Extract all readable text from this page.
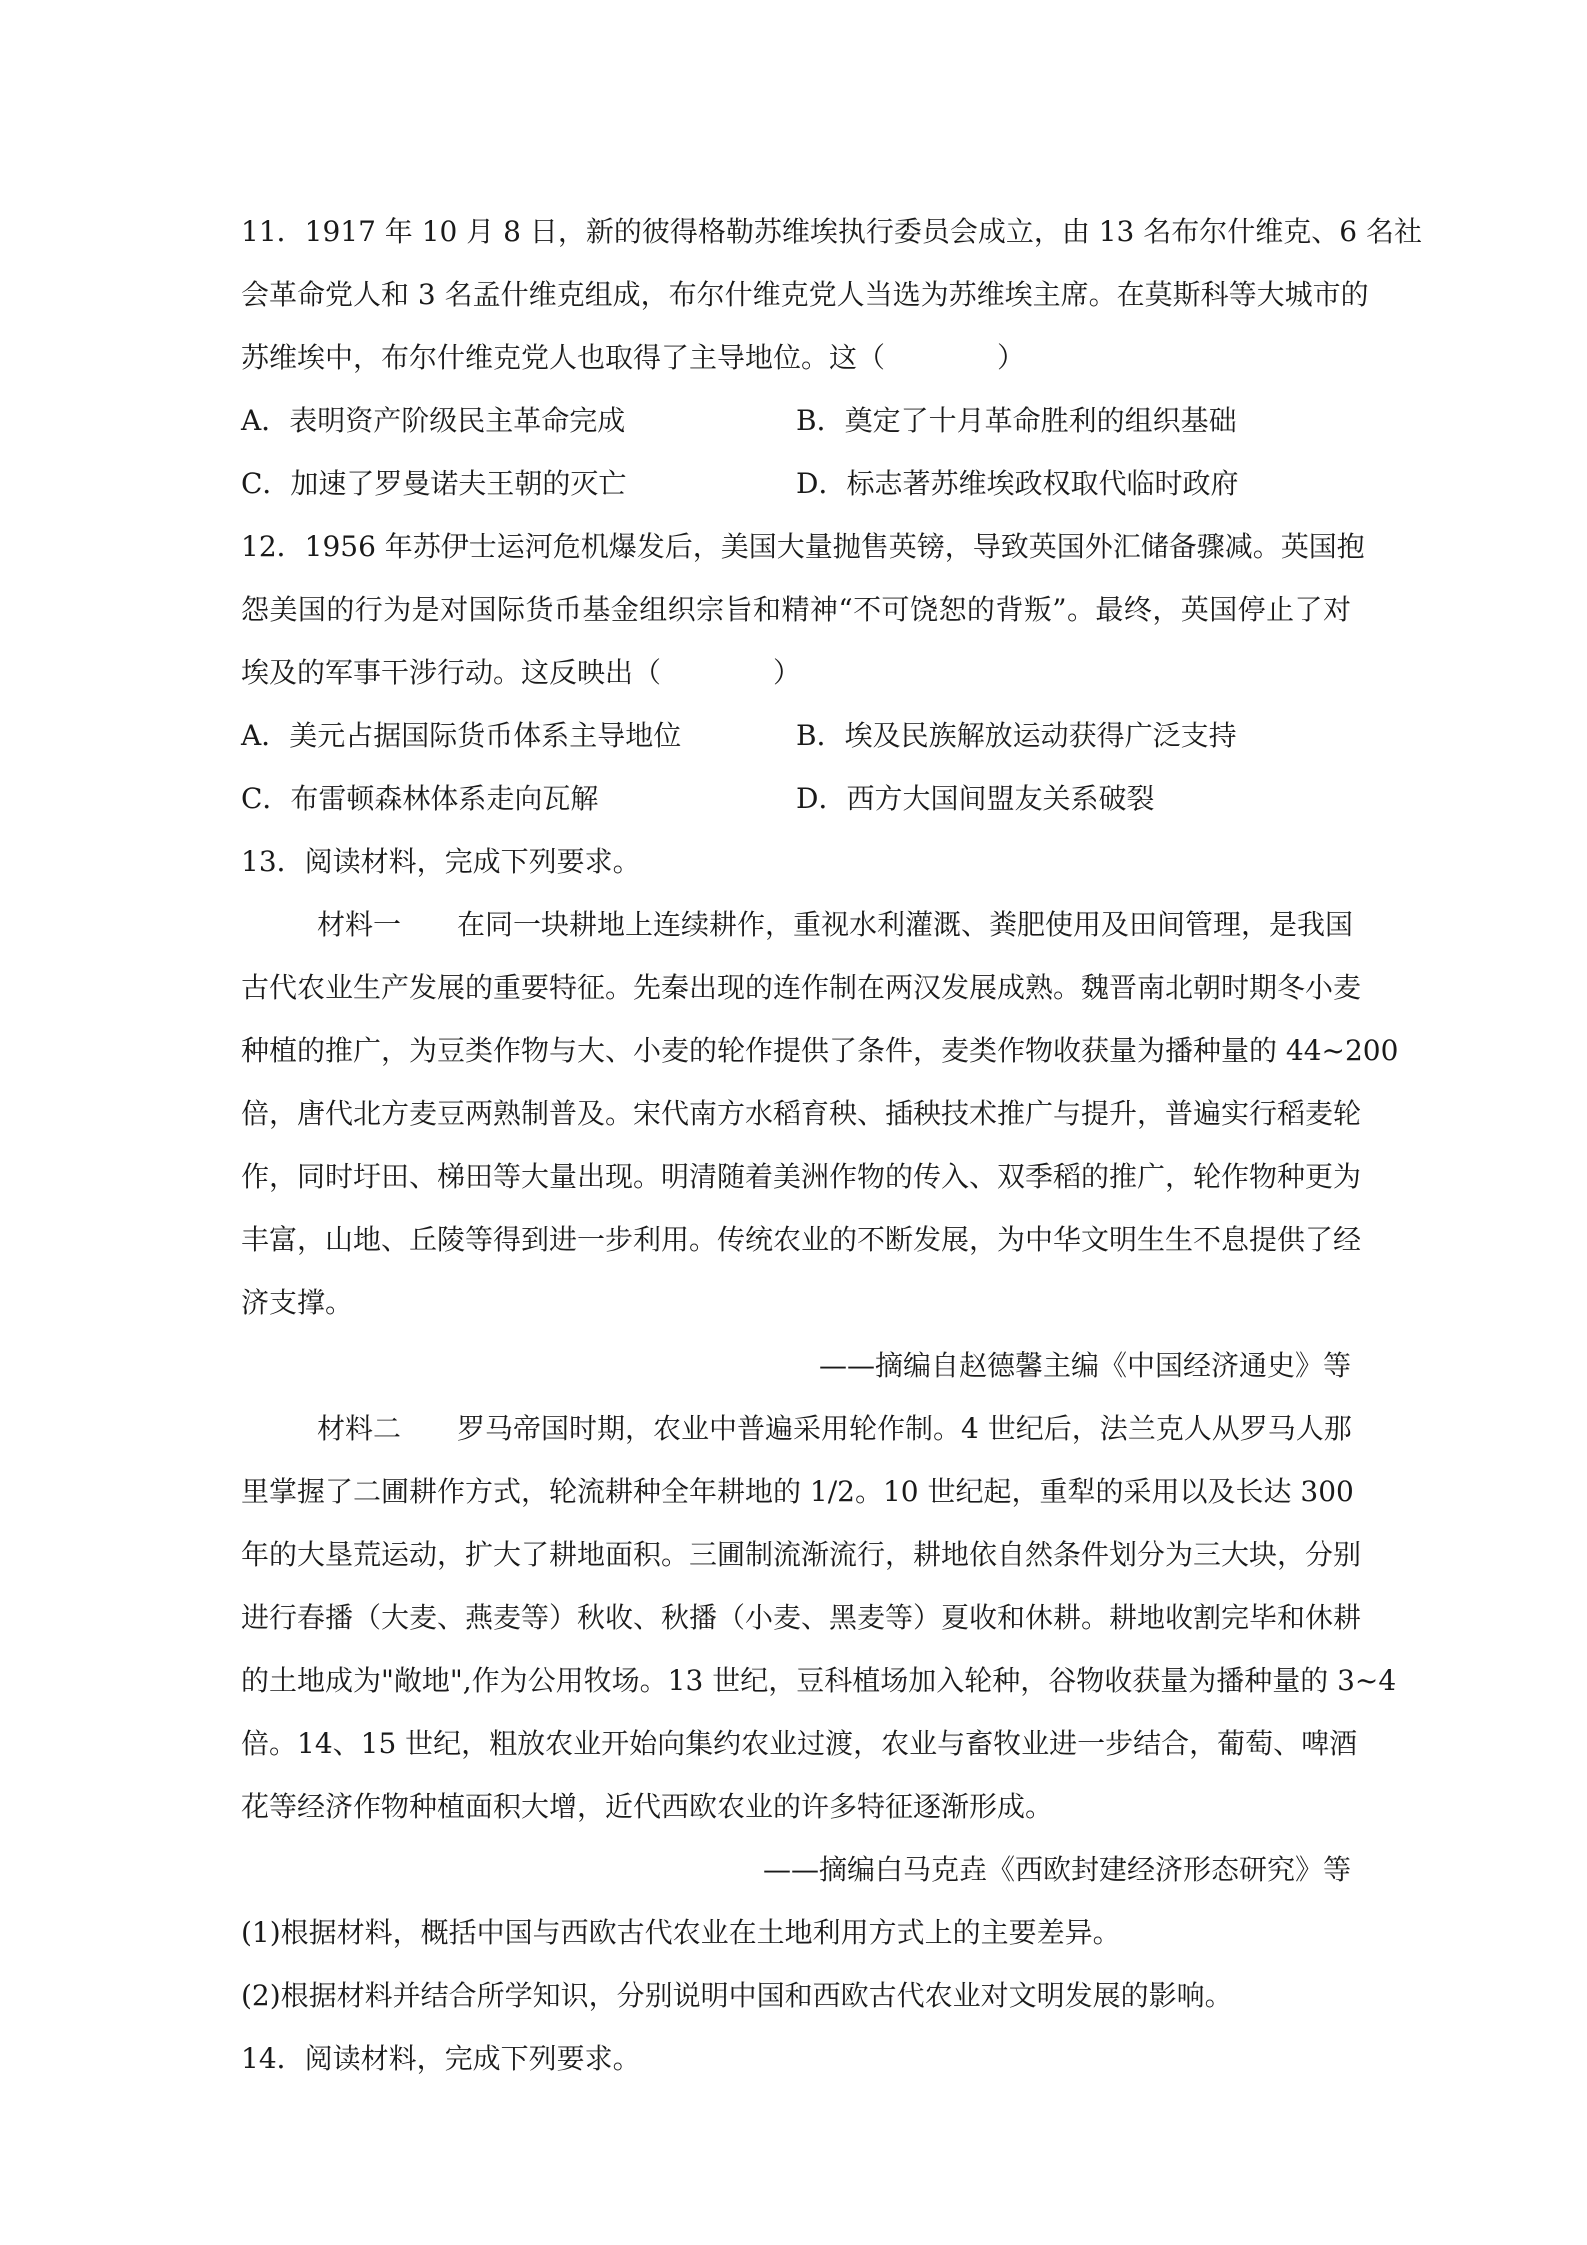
11．1917 年 10 月 8 日，新的彼得格勒苏维埃执行委员会成立，由 13 名布尔什维克、6 名社
会革命党人和 3 名孟什维克组成，布尔什维克党人当选为苏维埃主席。在莫斯科等大城市的
苏维埃中，布尔什维克党人也取得了主导地位。这（　　　　）
A．表明资产阶级民主革命完成	B．奠定了十月革命胜利的组织基础
C．加速了罗曼诺夫王朝的灭亡	D．标志著苏维埃政权取代临时政府
12．1956 年苏伊士运河危机爆发后，美国大量抛售英镑，导致英国外汇储备骤减。英国抱
怨美国的行为是对国际货币基金组织宗旨和精神“不可饶恕的背叛”。最终，英国停止了对
埃及的军事干涉行动。这反映出（　　　　）
A．美元占据国际货币体系主导地位	B．埃及民族解放运动获得广泛支持
C．布雷顿森林体系走向瓦解	D．西方大国间盟友关系破裂
13．阅读材料，完成下列要求。
材料一　　 在同一块耕地上连续耕作，重视水利灌溉、粪肥使用及田间管理，是我国
古代农业生产发展的重要特征。先秦出现的连作制在两汉发展成熟。魏晋南北朝时期冬小麦
种植的推广，为豆类作物与大、小麦的轮作提供了条件，麦类作物收获量为播种量的 44~200
倍，唐代北方麦豆两熟制普及。宋代南方水稻育秧、插秧技术推广与提升，普遍实行稻麦轮
作，同时圩田、梯田等大量出现。明清随着美洲作物的传入、双季稻的推广，轮作物种更为
丰富，山地、丘陵等得到进一步利用。传统农业的不断发展，为中华文明生生不息提供了经
济支撑。
——摘编自赵德馨主编《中国经济通史》等
材料二　　 罗马帝国时期，农业中普遍采用轮作制。4 世纪后，法兰克人从罗马人那
里掌握了二圃耕作方式，轮流耕种全年耕地的 1/2。10 世纪起，重犁的采用以及长达 300
年的大垦荒运动，扩大了耕地面积。三圃制流渐流行，耕地依自然条件划分为三大块，分别
进行春播（大麦、燕麦等）秋收、秋播（小麦、黑麦等）夏收和休耕。耕地收割完毕和休耕
的土地成为"敞地",作为公用牧场。13 世纪，豆科植场加入轮种，谷物收获量为播种量的 3~4
倍。14、15 世纪，粗放农业开始向集约农业过渡，农业与畜牧业进一步结合，葡萄、啤酒
花等经济作物种植面积大增，近代西欧农业的许多特征逐渐形成。
——摘编白马克垚《西欧封建经济形态研究》等
(1)根据材料，概括中国与西欧古代农业在土地利用方式上的主要差异。
(2)根据材料并结合所学知识，分别说明中国和西欧古代农业对文明发展的影响。
14．阅读材料，完成下列要求。
